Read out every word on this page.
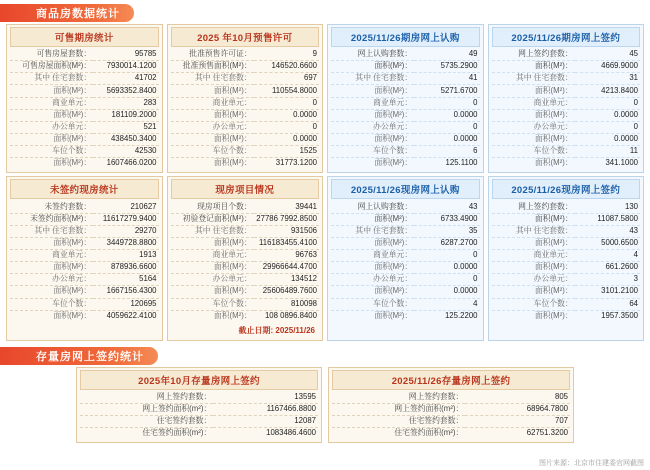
商品房数据统计
可售期房统计
可售房屋套数：	95785
可售房屋面积(M²)：	7930014.1200
其中 住宅套数：	41702
面积(M²)：	5693352.8400
商业单元：	283
面积(M²)：	181109.2000
办公单元：	521
面积(M²)：	438450.3400
车位个数：	42530
面积(M²)：	1607466.0200
2025 年10月预售许可
批准预售许可证：	9
批准预售面积(M²)：	146520.6600
其中 住宅套数：	697
面积(M²)：	110554.8000
商业单元：	0
面积(M²)：	0.0000
办公单元：	0
面积(M²)：	0.0000
车位个数：	1525
面积(M²)：	31773.1200
2025/11/26期房网上认购
网上认购套数：	49
面积(M²)：	5735.2900
其中 住宅套数：	41
面积(M²)：	5271.6700
商业单元：	0
面积(M²)：	0.0000
办公单元：	0
面积(M²)：	0.0000
车位个数：	6
面积(M²)：	125.1100
2025/11/26期房网上签约
网上签约套数：	45
面积(M²)：	4669.9000
其中 住宅套数：	31
面积(M²)：	4213.8400
商业单元：	0
面积(M²)：	0.0000
办公单元：	0
面积(M²)：	0.0000
车位个数：	11
面积(M²)：	341.1000
未签约现房统计
未签约套数：	210627
未签约面积(M²)：	11617279.9400
其中 住宅套数：	29270
面积(M²)：	3449728.8800
商业单元：	1913
面积(M²)：	878936.6600
办公单元：	5164
面积(M²)：	1667156.4300
车位个数：	120695
面积(M²)：	4059622.4100
现房项目情况
现房项目个数：	39441
初验登记面积(M²)：	27786 7992.8500
其中 住宅套数：	931506
面积(M²)：	116183455.4100
商业单元：	96763
面积(M²)：	29966644.4700
办公单元：	134512
面积(M²)：	25606489.7600
车位个数：	810098
面积(M²)：	108 0896.8400
截止日期: 2025/11/26
2025/11/26现房网上认购
网上认购套数：	43
面积(M²)：	6733.4900
其中 住宅套数：	35
面积(M²)：	6287.2700
商业单元：	0
面积(M²)：	0.0000
办公单元：	0
面积(M²)：	0.0000
车位个数：	4
面积(M²)：	125.2200
2025/11/26现房网上签约
网上签约套数：	130
面积(M²)：	11087.5800
其中 住宅套数：	43
面积(M²)：	5000.6500
商业单元：	4
面积(M²)：	661.2600
办公单元：	3
面积(M²)：	3101.2100
车位个数：	64
面积(M²)：	1957.3500
存量房网上签约统计
2025年10月存量房网上签约
网上签约套数：	13595
网上签约面积(m²)：	1167466.8800
住宅签约套数：	12087
住宅签约面积(m²)：	1083486.4600
2025/11/26存量房网上签约
网上签约套数：	805
网上签约面积(m²)：	68964.7800
住宅签约套数：	707
住宅签约面积(m²)：	62751.3200
图片来源：北京市住建委官网截图
